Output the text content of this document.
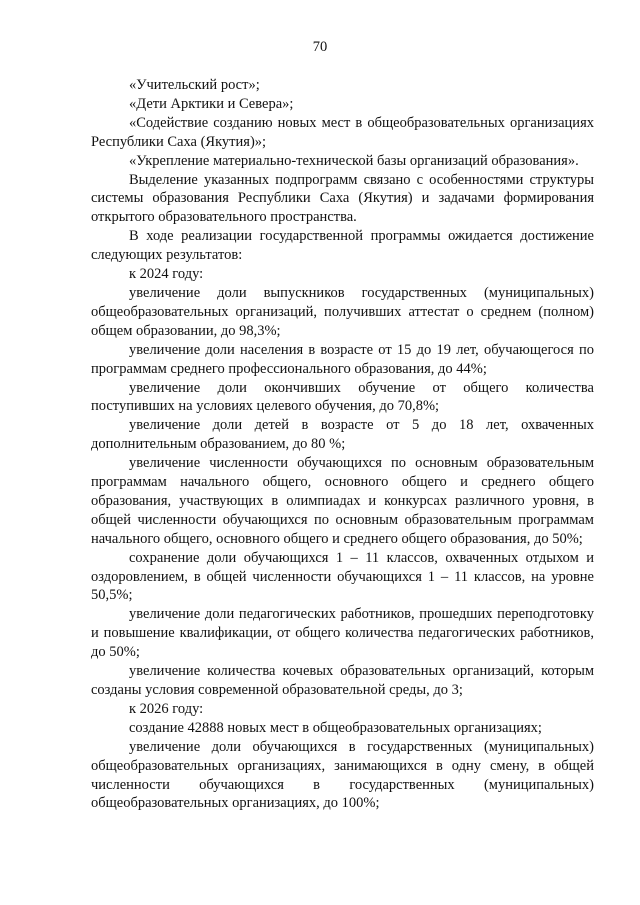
70

«Учительский рост»;

«Дети Арктики и Севера»;

«Содействие созданию новых мест в общеобразовательных организациях Республики Саха (Якутия)»;

«Укрепление материально-технической базы организаций образования».

Выделение указанных подпрограмм связано с особенностями структуры системы образования Республики Саха (Якутия) и задачами формирования открытого образовательного пространства.

В ходе реализации государственной программы ожидается достижение следующих результатов:

к 2024 году:

увеличение доли выпускников государственных (муниципальных) общеобразовательных организаций, получивших аттестат о среднем (полном) общем образовании, до 98,3%;

увеличение доли населения в возрасте от 15 до 19 лет, обучающегося по программам среднего профессионального образования, до 44%;

увеличение доли окончивших обучение от общего количества поступивших на условиях целевого обучения, до 70,8%;

увеличение доли детей в возрасте от 5 до 18 лет, охваченных дополнительным образованием, до 80 %;

увеличение численности обучающихся по основным образовательным программам начального общего, основного общего и среднего общего образования, участвующих в олимпиадах и конкурсах различного уровня, в общей численности обучающихся по основным образовательным программам начального общего, основного общего и среднего общего образования, до 50%;

сохранение доли обучающихся 1 – 11 классов, охваченных отдыхом и оздоровлением, в общей численности обучающихся 1 – 11 классов, на уровне 50,5%;

увеличение доли педагогических работников, прошедших переподготовку и повышение квалификации, от общего количества педагогических работников, до 50%;

увеличение количества кочевых образовательных организаций, которым созданы условия современной образовательной среды, до 3;

к 2026 году:

создание 42888 новых мест в общеобразовательных организациях;

увеличение доли обучающихся в государственных (муниципальных) общеобразовательных организациях, занимающихся в одну смену, в общей численности обучающихся в государственных (муниципальных) общеобразовательных организациях, до 100%;
